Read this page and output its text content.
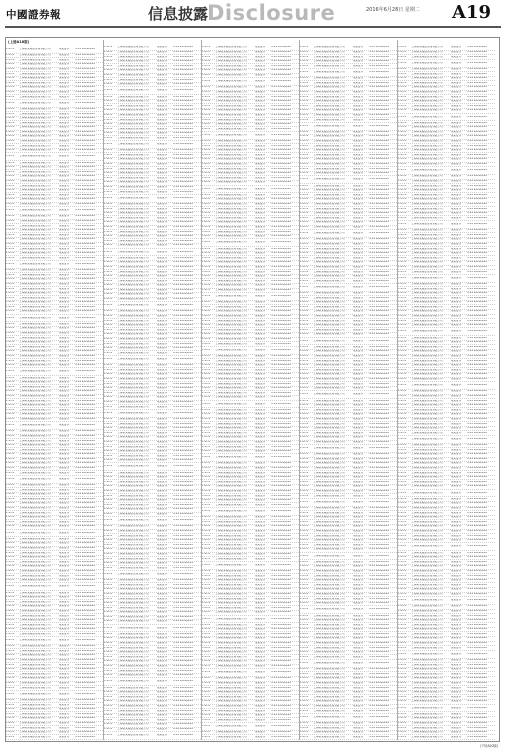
中國證券報	信息披露
Disclosure	2016年6月28日 星期二 A19
(上接A18版)
1.21.2	上海某某基金管理有限公司	某某证券	0.01 2016/6/28
1.21.2	上海某某基金管理有限公司	某某证券	0.01 2016/6/28
1.21.2	上海某某基金管理有限公司	某某证券	0.01 2016/6/28
1.21.2	上海某某基金管理有限公司	某某证券	0.01 2016/6/28
1.21.2	上海某某基金管理有限公司	某某证券	0.01 2016/6/28
1.21.2	上海某某基金管理有限公司	某某证券	0.01 2016/6/28
1.21.2	上海某某基金管理有限公司	某某证券	0.01 2016/6/28
1.21.2	上海某某基金管理有限公司	某某证券	0.01 2016/6/28
1.21.2	上海某某基金管理有限公司	某某证券	0.01 2016/6/28
1.21.2	上海某某基金管理有限公司	某某证券	0.01 2016/6/28
1.21.2	上海某某基金管理有限公司	某某证券	0.01 2016/6/28
1.21.2	上海某某基金管理有限公司	某某证券	0.01 2016/6/28
1.21.2	上海某某基金管理有限公司	某某证券	0.01 2016/6/28
1.21.2	上海某某基金管理有限公司	某某证券	0.01 2016/6/28
1.21.2	上海某某基金管理有限公司	某某证券	0.01 2016/6/28
1.21.2	上海某某基金管理有限公司	某某证券	0.01 2016/6/28
1.21.2	上海某某基金管理有限公司	某某证券	0.01 2016/6/28
1.21.2	上海某某基金管理有限公司	某某证券	0.01 2016/6/28
1.21.2	上海某某基金管理有限公司	某某证券	0.01 2016/6/28
1.21.2	上海某某基金管理有限公司	某某证券	0.01 2016/6/28
1.21.2	上海某某基金管理有限公司	某某证券	0.01 2016/6/28
1.21.2	上海某某基金管理有限公司	某某证券	0.01 2016/6/28
1.21.2	上海某某基金管理有限公司	某某证券	0.01 2016/6/28
1.21.2	上海某某基金管理有限公司	某某证券	0.01 2016/6/28
1.21.2	上海某某基金管理有限公司	某某证券	0.01 2016/6/28
1.21.2	上海某某基金管理有限公司	某某证券	0.01 2016/6/28
1.21.2	上海某某基金管理有限公司	某某证券	0.01 2016/6/28
1.21.2	上海某某基金管理有限公司	某某证券	0.01 2016/6/28
1.21.2	上海某某基金管理有限公司	某某证券	0.01 2016/6/28
1.21.2	上海某某基金管理有限公司	某某证券	0.01 2016/6/28
1.21.2	上海某某基金管理有限公司	某某证券	0.01 2016/6/28
1.21.2	上海某某基金管理有限公司	某某证券	0.01 2016/6/28
1.21.2	上海某某基金管理有限公司	某某证券	0.01 2016/6/28
1.21.2	上海某某基金管理有限公司	某某证券	0.01 2016/6/28
1.21.2	上海某某基金管理有限公司	某某证券	0.01 2016/6/28
1.21.2	上海某某基金管理有限公司	某某证券	0.01 2016/6/28
1.21.2	上海某某基金管理有限公司	某某证券	0.01 2016/6/28
1.21.2	上海某某基金管理有限公司	某某证券	0.01 2016/6/28
1.21.2	上海某某基金管理有限公司	某某证券	0.01 2016/6/28
1.21.2	上海某某基金管理有限公司	某某证券	0.01 2016/6/28
1.21.2	上海某某基金管理有限公司	某某证券	0.01 2016/6/28
1.21.2	上海某某基金管理有限公司	某某证券	0.01 2016/6/28
1.21.2	上海某某基金管理有限公司	某某证券	0.01 2016/6/28
1.21.2	上海某某基金管理有限公司	某某证券	0.01 2016/6/28
1.21.2	上海某某基金管理有限公司	某某证券	0.01 2016/6/28
1.21.2	上海某某基金管理有限公司	某某证券	0.01 2016/6/28
1.21.2	上海某某基金管理有限公司	某某证券	0.01 2016/6/28
1.21.2	上海某某基金管理有限公司	某某证券	0.01 2016/6/28
1.21.2	上海某某基金管理有限公司	某某证券	0.01 2016/6/28
1.21.2	上海某某基金管理有限公司	某某证券	0.01 2016/6/28
1.21.2	上海某某基金管理有限公司	某某证券	0.01 2016/6/28
1.21.2	上海某某基金管理有限公司	某某证券	0.01 2016/6/28
1.21.2	上海某某基金管理有限公司	某某证券	0.01 2016/6/28
1.21.2	上海某某基金管理有限公司	某某证券	0.01 2016/6/28
1.21.2	上海某某基金管理有限公司	某某证券	0.01 2016/6/28
1.21.2	上海某某基金管理有限公司	某某证券	0.01 2016/6/28
1.21.2	上海某某基金管理有限公司	某某证券	0.01 2016/6/28
1.21.2	上海某某基金管理有限公司	某某证券	0.01 2016/6/28
1.21.2	上海某某基金管理有限公司	某某证券	0.01 2016/6/28
1.21.2	上海某某基金管理有限公司	某某证券	0.01 2016/6/28
1.21.2	上海某某基金管理有限公司	某某证券	0.01 2016/6/28
1.21.2	上海某某基金管理有限公司	某某证券	0.01 2016/6/28
1.21.2	上海某某基金管理有限公司	某某证券	0.01 2016/6/28
1.21.2	上海某某基金管理有限公司	某某证券	0.01 2016/6/28
1.21.2	上海某某基金管理有限公司	某某证券	0.01 2016/6/28
1.21.2	上海某某基金管理有限公司	某某证券	0.01 2016/6/28
1.21.2	上海某某基金管理有限公司	某某证券	0.01 2016/6/28
1.21.2	上海某某基金管理有限公司	某某证券	0.01 2016/6/28
1.21.2	上海某某基金管理有限公司	某某证券	0.01 2016/6/28
1.21.2	上海某某基金管理有限公司	某某证券	0.01 2016/6/28
1.21.2	上海某某基金管理有限公司	某某证券	0.01 2016/6/28
1.21.2	上海某某基金管理有限公司	某某证券	0.01 2016/6/28
1.21.2	上海某某基金管理有限公司	某某证券	0.01 2016/6/28
1.21.2	上海某某基金管理有限公司	某某证券	0.01 2016/6/28
1.21.2	上海某某基金管理有限公司	某某证券	0.01 2016/6/28
1.21.2	上海某某基金管理有限公司	某某证券	0.01 2016/6/28
1.21.2	上海某某基金管理有限公司	某某证券	0.01 2016/6/28
1.21.2	上海某某基金管理有限公司	某某证券	0.01 2016/6/28
1.21.2	上海某某基金管理有限公司	某某证券	0.01 2016/6/28
1.21.2	上海某某基金管理有限公司	某某证券	0.01 2016/6/28
1.21.2	上海某某基金管理有限公司	某某证券	0.01 2016/6/28
1.21.2	上海某某基金管理有限公司	某某证券	0.01 2016/6/28
1.21.2	上海某某基金管理有限公司	某某证券	0.01 2016/6/28
1.21.2	上海某某基金管理有限公司	某某证券	0.01 2016/6/28
1.21.2	上海某某基金管理有限公司	某某证券	0.01 2016/6/28
1.21.2	上海某某基金管理有限公司	某某证券	0.01 2016/6/28
1.21.2	上海某某基金管理有限公司	某某证券	0.01 2016/6/28
1.21.2	上海某某基金管理有限公司	某某证券	0.01 2016/6/28
1.21.2	上海某某基金管理有限公司	某某证券	0.01 2016/6/28
1.21.2	上海某某基金管理有限公司	某某证券	0.01 2016/6/28
1.21.2	上海某某基金管理有限公司	某某证券	0.01 2016/6/28
1.21.2	上海某某基金管理有限公司	某某证券	0.01 2016/6/28
1.21.2	上海某某基金管理有限公司	某某证券	0.01 2016/6/28
1.21.2	上海某某基金管理有限公司	某某证券	0.01 2016/6/28
1.21.2	上海某某基金管理有限公司	某某证券	0.01 2016/6/28
1.21.2	上海某某基金管理有限公司	某某证券	0.01 2016/6/28
1.21.2	上海某某基金管理有限公司	某某证券	0.01 2016/6/28
1.21.2	上海某某基金管理有限公司	某某证券	0.01 2016/6/28
1.21.2	上海某某基金管理有限公司	某某证券	0.01 2016/6/28
1.21.2	上海某某基金管理有限公司	某某证券	0.01 2016/6/28
1.21.2	上海某某基金管理有限公司	某某证券	0.01 2016/6/28
1.21.2	上海某某基金管理有限公司	某某证券	0.01 2016/6/28
1.21.2	上海某某基金管理有限公司	某某证券	0.01 2016/6/28
1.21.2	上海某某基金管理有限公司	某某证券	0.01 2016/6/28
1.21.2	上海某某基金管理有限公司	某某证券	0.01 2016/6/28
1.21.2	上海某某基金管理有限公司	某某证券	0.01 2016/6/28
1.21.2	上海某某基金管理有限公司	某某证券	0.01 2016/6/28
1.21.2	上海某某基金管理有限公司	某某证券	0.01 2016/6/28
1.21.2	上海某某基金管理有限公司	某某证券	0.01 2016/6/28
1.21.2	上海某某基金管理有限公司	某某证券	0.01 2016/6/28
1.21.2	上海某某基金管理有限公司	某某证券	0.01 2016/6/28
1.21.2	上海某某基金管理有限公司	某某证券	0.01 2016/6/28
1.21.2	上海某某基金管理有限公司	某某证券	0.01 2016/6/28
1.21.2	上海某某基金管理有限公司	某某证券	0.01 2016/6/28
1.21.2	上海某某基金管理有限公司	某某证券	0.01 2016/6/28
1.21.2	上海某某基金管理有限公司	某某证券	0.01 2016/6/28
1.21.2	上海某某基金管理有限公司	某某证券	0.01 2016/6/28
1.21.2	上海某某基金管理有限公司	某某证券	0.01 2016/6/28
1.21.2	上海某某基金管理有限公司	某某证券	0.01 2016/6/28
1.21.2	上海某某基金管理有限公司	某某证券	0.01 2016/6/28
1.21.2	上海某某基金管理有限公司	某某证券	0.01 2016/6/28
1.21.2	上海某某基金管理有限公司	某某证券	0.01 2016/6/28
1.21.2	上海某某基金管理有限公司	某某证券	0.01 2016/6/28
1.21.2	上海某某基金管理有限公司	某某证券	0.01 2016/6/28
1.21.2	上海某某基金管理有限公司	某某证券	0.01 2016/6/28
1.21.2	上海某某基金管理有限公司	某某证券	0.01 2016/6/28
1.21.2	上海某某基金管理有限公司	某某证券	0.01 2016/6/28
1.21.2	上海某某基金管理有限公司	某某证券	0.01 2016/6/28
1.21.2	上海某某基金管理有限公司	某某证券	0.01 2016/6/28
1.21.2	上海某某基金管理有限公司	某某证券	0.01 2016/6/28
1.21.2	上海某某基金管理有限公司	某某证券	0.01 2016/6/28
1.21.2	上海某某基金管理有限公司	某某证券	0.01 2016/6/28
1.21.2	上海某某基金管理有限公司	某某证券	0.01 2016/6/28
1.21.2	上海某某基金管理有限公司	某某证券	0.01 2016/6/28
1.21.2	上海某某基金管理有限公司	某某证券	0.01 2016/6/28
1.21.2	上海某某基金管理有限公司	某某证券	0.01 2016/6/28
1.21.2	上海某某基金管理有限公司	某某证券	0.01 2016/6/28
1.21.2	上海某某基金管理有限公司	某某证券	0.01 2016/6/28
1.21.2	上海某某基金管理有限公司	某某证券	0.01 2016/6/28
1.21.2	上海某某基金管理有限公司	某某证券	0.01 2016/6/28
1.21.2	上海某某基金管理有限公司	某某证券	0.01 2016/6/28
1.21.2	上海某某基金管理有限公司	某某证券	0.01 2016/6/28
1.21.2	上海某某基金管理有限公司	某某证券	0.01 2016/6/28
1.21.2	上海某某基金管理有限公司	某某证券	0.01 2016/6/28
1.21.2	上海某某基金管理有限公司	某某证券	0.01 2016/6/28
1.21.2	上海某某基金管理有限公司	某某证券	0.01 2016/6/28
1.21.2	上海某某基金管理有限公司	某某证券	0.01 2016/6/28
1.21.2	上海某某基金管理有限公司	某某证券	0.01 2016/6/28
1.21.2	上海某某基金管理有限公司	某某证券	0.01 2016/6/28
1.21.2	上海某某基金管理有限公司	某某证券	0.01 2016/6/28
1.21.2	上海某某基金管理有限公司	某某证券	0.01 2016/6/28
1.21.2	上海某某基金管理有限公司	某某证券	0.01 2016/6/28
1.21.2	上海某某基金管理有限公司	某某证券	0.01 2016/6/28
1.21.2	上海某某基金管理有限公司	某某证券	0.01 2016/6/28
1.21.2	上海某某基金管理有限公司	某某证券	0.01 2016/6/28
1.21.2	上海某某基金管理有限公司	某某证券	0.01 2016/6/28
1.21.2	上海某某基金管理有限公司	某某证券	0.01 2016/6/28
1.21.2	上海某某基金管理有限公司	某某证券	0.01 2016/6/28
1.21.2	上海某某基金管理有限公司	某某证券	0.01 2016/6/28
1.21.2	上海某某基金管理有限公司	某某证券	0.01 2016/6/28
1.21.2	上海某某基金管理有限公司	某某证券	0.01 2016/6/28
1.21.2	上海某某基金管理有限公司	某某证券	0.01 2016/6/28
1.21.2	上海某某基金管理有限公司	某某证券	0.01 2016/6/28
1.21.2	上海某某基金管理有限公司	某某证券	0.01 2016/6/28
1.21.2	上海某某基金管理有限公司	某某证券	0.01 2016/6/28
1.21.2	上海某某基金管理有限公司	某某证券	0.01 2016/6/28
1.21.2	上海某某基金管理有限公司	某某证券	0.01 2016/6/28
1.21.2	上海某某基金管理有限公司	某某证券	0.01 2016/6/28
1.21.2	上海某某基金管理有限公司	某某证券	0.01 2016/6/28
1.21.2	上海某某基金管理有限公司	某某证券	0.01 2016/6/28
1.21.2	上海某某基金管理有限公司	某某证券	0.01 2016/6/28
1.21.2	上海某某基金管理有限公司	某某证券	0.01 2016/6/28
1.21.2	上海某某基金管理有限公司	某某证券	0.01 2016/6/28
1.21.2	上海某某基金管理有限公司	某某证券	0.01 2016/6/28
1.21.2	上海某某基金管理有限公司	某某证券	0.01 2016/6/28
1.21.2	上海某某基金管理有限公司	某某证券	0.01 2016/6/28
1.21.2	上海某某基金管理有限公司	某某证券	0.01 2016/6/28
1.21.2	上海某某基金管理有限公司	某某证券	0.01 2016/6/28
1.21.2	上海某某基金管理有限公司	某某证券	0.01 2016/6/28
1.21.2	上海某某基金管理有限公司	某某证券	0.01 2016/6/28
1.21.2	上海某某基金管理有限公司	某某证券	0.01 2016/6/28
1.21.2	上海某某基金管理有限公司	某某证券	0.01 2016/6/28
1.21.2	上海某某基金管理有限公司	某某证券	0.01 2016/6/28
1.21.2	上海某某基金管理有限公司	某某证券	0.01 2016/6/28
1.21.2	上海某某基金管理有限公司	某某证券	0.01 2016/6/28
1.21.2	上海某某基金管理有限公司	某某证券	0.01 2016/6/28
1.21.2	上海某某基金管理有限公司	某某证券	0.01 2016/6/28
1.21.2	上海某某基金管理有限公司	某某证券	0.01 2016/6/28
1.21.2	上海某某基金管理有限公司	某某证券	0.01 2016/6/28
1.21.2	上海某某基金管理有限公司	某某证券	0.01 2016/6/28
1.21.2	上海某某基金管理有限公司	某某证券	0.01 2016/6/28
1.21.2	上海某某基金管理有限公司	某某证券	0.01 2016/6/28
1.21.2	上海某某基金管理有限公司	某某证券	0.01 2016/6/28
1.21.2	上海某某基金管理有限公司	某某证券	0.01 2016/6/28
1.21.2	上海某某基金管理有限公司	某某证券	0.01 2016/6/28
1.21.2	上海某某基金管理有限公司	某某证券	0.01 2016/6/28
1.21.2	上海某某基金管理有限公司	某某证券	0.01 2016/6/28
1.21.2	上海某某基金管理有限公司	某某证券	0.01 2016/6/28
1.21.2	上海某某基金管理有限公司	某某证券	0.01 2016/6/28
1.21.2	上海某某基金管理有限公司	某某证券	0.01 2016/6/28
1.21.2	上海某某基金管理有限公司	某某证券	0.01 2016/6/28
1.21.2	上海某某基金管理有限公司	某某证券	0.01 2016/6/28
1.21.2	上海某某基金管理有限公司	某某证券	0.01 2016/6/28
1.21.2	上海某某基金管理有限公司	某某证券	0.01 2016/6/28
1.21.2	上海某某基金管理有限公司	某某证券	0.01 2016/6/28
1.21.2	上海某某基金管理有限公司	某某证券	0.01 2016/6/28
1.21.2	上海某某基金管理有限公司	某某证券	0.01 2016/6/28
1.21.2	上海某某基金管理有限公司	某某证券	0.01 2016/6/28
1.21.2	上海某某基金管理有限公司	某某证券	0.01 2016/6/28
1.21.2	上海某某基金管理有限公司	某某证券	0.01 2016/6/28
1.21.2	上海某某基金管理有限公司	某某证券	0.01 2016/6/28
1.21.2	上海某某基金管理有限公司	某某证券	0.01 2016/6/28
1.21.2	上海某某基金管理有限公司	某某证券	0.01 2016/6/28
1.21.2	上海某某基金管理有限公司	某某证券	0.01 2016/6/28
1.21.2	上海某某基金管理有限公司	某某证券	0.01 2016/6/28
1.21.2	上海某某基金管理有限公司	某某证券	0.01 2016/6/28
1.21.2	上海某某基金管理有限公司	某某证券	0.01 2016/6/28
1.21.2	上海某某基金管理有限公司	某某证券	0.01 2016/6/28
1.21.2	上海某某基金管理有限公司	某某证券	0.01 2016/6/28
1.21.2	上海某某基金管理有限公司	某某证券	0.01 2016/6/28
1.21.2	上海某某基金管理有限公司	某某证券	0.01 2016/6/28
1.21.2	上海某某基金管理有限公司	某某证券	0.01 2016/6/28
1.21.2	上海某某基金管理有限公司	某某证券	0.01 2016/6/28
1.21.2	上海某某基金管理有限公司	某某证券	0.01 2016/6/28
1.21.2	上海某某基金管理有限公司	某某证券	0.01 2016/6/28
1.21.2	上海某某基金管理有限公司	某某证券	0.01 2016/6/28
1.21.2	上海某某基金管理有限公司	某某证券	0.01 2016/6/28
1.21.2	上海某某基金管理有限公司	某某证券	0.01 2016/6/28
1.21.2	上海某某基金管理有限公司	某某证券	0.01 2016/6/28
1.21.2	上海某某基金管理有限公司	某某证券	0.01 2016/6/28
1.21.2	上海某某基金管理有限公司	某某证券	0.01 2016/6/28
1.21.2	上海某某基金管理有限公司	某某证券	0.01 2016/6/28
1.21.2	上海某某基金管理有限公司	某某证券	0.01 2016/6/28
1.21.2	上海某某基金管理有限公司	某某证券	0.01 2016/6/28
1.21.2	上海某某基金管理有限公司	某某证券	0.01 2016/6/28
1.21.2	上海某某基金管理有限公司	某某证券	0.01 2016/6/28
1.21.2	上海某某基金管理有限公司	某某证券	0.01 2016/6/28
1.21.2	上海某某基金管理有限公司	某某证券	0.01 2016/6/28
1.21.2	上海某某基金管理有限公司	某某证券	0.01 2016/6/28
1.21.2	上海某某基金管理有限公司	某某证券	0.01 2016/6/28
1.21.2	上海某某基金管理有限公司	某某证券	0.01 2016/6/28
1.21.2	上海某某基金管理有限公司	某某证券	0.01 2016/6/28
1.21.2	上海某某基金管理有限公司	某某证券	0.01 2016/6/28
1.21.2	上海某某基金管理有限公司	某某证券	0.01 2016/6/28
1.21.2	上海某某基金管理有限公司	某某证券	0.01 2016/6/28
1.21.2	上海某某基金管理有限公司	某某证券	0.01 2016/6/28
1.21.2	上海某某基金管理有限公司	某某证券	0.01 2016/6/28
1.21.2	上海某某基金管理有限公司	某某证券	0.01 2016/6/28
1.21.2	上海某某基金管理有限公司	某某证券	0.01 2016/6/28
1.21.2	上海某某基金管理有限公司	某某证券	0.01 2016/6/28
1.21.2	上海某某基金管理有限公司	某某证券	0.01 2016/6/28
1.21.2	上海某某基金管理有限公司	某某证券	0.01 2016/6/28
1.21.2	上海某某基金管理有限公司	某某证券	0.01 2016/6/28
1.21.2	上海某某基金管理有限公司	某某证券	0.01 2016/6/28
1.21.2	上海某某基金管理有限公司	某某证券	0.01 2016/6/28
1.21.2	上海某某基金管理有限公司	某某证券	0.01 2016/6/28
1.21.2	上海某某基金管理有限公司	某某证券	0.01 2016/6/28
1.21.2	上海某某基金管理有限公司	某某证券	0.01 2016/6/28
1.21.2	上海某某基金管理有限公司	某某证券	0.01 2016/6/28
1.21.2	上海某某基金管理有限公司	某某证券	0.01 2016/6/28
1.21.2	上海某某基金管理有限公司	某某证券	0.01 2016/6/28
1.21.2	上海某某基金管理有限公司	某某证券	0.01 2016/6/28
1.21.2	上海某某基金管理有限公司	某某证券	0.01 2016/6/28
1.21.2	上海某某基金管理有限公司	某某证券	0.01 2016/6/28
1.21.2	上海某某基金管理有限公司	某某证券	0.01 2016/6/28
1.21.2	上海某某基金管理有限公司	某某证券	0.01 2016/6/28
1.21.2	上海某某基金管理有限公司	某某证券	0.01 2016/6/28
1.21.2	上海某某基金管理有限公司	某某证券	0.01 2016/6/28
1.21.2	上海某某基金管理有限公司	某某证券	0.01 2016/6/28
1.21.2	上海某某基金管理有限公司	某某证券	0.01 2016/6/28
1.21.2	上海某某基金管理有限公司	某某证券	0.01 2016/6/28
1.21.2	上海某某基金管理有限公司	某某证券	0.01 2016/6/28
1.21.2	上海某某基金管理有限公司	某某证券	0.01 2016/6/28
1.21.2	上海某某基金管理有限公司	某某证券	0.01 2016/6/28
1.21.2	上海某某基金管理有限公司	某某证券	0.01 2016/6/28
1.21.2	上海某某基金管理有限公司	某某证券	0.01 2016/6/28
1.21.2	上海某某基金管理有限公司	某某证券	0.01 2016/6/28
1.21.2	上海某某基金管理有限公司	某某证券	0.01 2016/6/28
1.21.2	上海某某基金管理有限公司	某某证券	0.01 2016/6/28
1.21.2	上海某某基金管理有限公司	某某证券	0.01 2016/6/28
1.21.2	上海某某基金管理有限公司	某某证券	0.01 2016/6/28
1.21.2	上海某某基金管理有限公司	某某证券	0.01 2016/6/28
1.21.2	上海某某基金管理有限公司	某某证券	0.01 2016/6/28
1.21.2	上海某某基金管理有限公司	某某证券	0.01 2016/6/28
1.21.2	上海某某基金管理有限公司	某某证券	0.01 2016/6/28
1.21.2	上海某某基金管理有限公司	某某证券	0.01 2016/6/28
1.21.2	上海某某基金管理有限公司	某某证券	0.01 2016/6/28
1.21.2	上海某某基金管理有限公司	某某证券	0.01 2016/6/28
1.21.2	上海某某基金管理有限公司	某某证券	0.01 2016/6/28
1.21.2	上海某某基金管理有限公司	某某证券	0.01 2016/6/28
1.21.2	上海某某基金管理有限公司	某某证券	0.01 2016/6/28
1.21.2	上海某某基金管理有限公司	某某证券	0.01 2016/6/28
1.21.2	上海某某基金管理有限公司	某某证券	0.01 2016/6/28
1.21.2	上海某某基金管理有限公司	某某证券	0.01 2016/6/28
1.21.2	上海某某基金管理有限公司	某某证券	0.01 2016/6/28
1.21.2	上海某某基金管理有限公司	某某证券	0.01 2016/6/28
1.21.2	上海某某基金管理有限公司	某某证券	0.01 2016/6/28
1.21.2	上海某某基金管理有限公司	某某证券	0.01 2016/6/28
1.21.2	上海某某基金管理有限公司	某某证券	0.01 2016/6/28
1.21.2	上海某某基金管理有限公司	某某证券	0.01 2016/6/28
1.21.2	上海某某基金管理有限公司	某某证券	0.01 2016/6/28
1.21.2	上海某某基金管理有限公司	某某证券	0.01 2016/6/28
1.21.2	上海某某基金管理有限公司	某某证券	0.01 2016/6/28
1.21.2	上海某某基金管理有限公司	某某证券	0.01 2016/6/28
1.21.2	上海某某基金管理有限公司	某某证券	0.01 2016/6/28
1.21.2	上海某某基金管理有限公司	某某证券	0.01 2016/6/28
1.21.2	上海某某基金管理有限公司	某某证券	0.01 2016/6/28
1.21.2	上海某某基金管理有限公司	某某证券	0.01 2016/6/28
1.21.2	上海某某基金管理有限公司	某某证券	0.01 2016/6/28
1.21.2	上海某某基金管理有限公司	某某证券	0.01 2016/6/28
1.21.2	上海某某基金管理有限公司	某某证券	0.01 2016/6/28
1.21.2	上海某某基金管理有限公司	某某证券	0.01 2016/6/28
1.21.2	上海某某基金管理有限公司	某某证券	0.01 2016/6/28
1.21.2	上海某某基金管理有限公司	某某证券	0.01 2016/6/28
1.21.2	上海某某基金管理有限公司	某某证券	0.01 2016/6/28
1.21.2	上海某某基金管理有限公司	某某证券	0.01 2016/6/28
1.21.2	上海某某基金管理有限公司	某某证券	0.01 2016/6/28
1.21.2	上海某某基金管理有限公司	某某证券	0.01 2016/6/28
1.21.2	上海某某基金管理有限公司	某某证券	0.01 2016/6/28
1.21.2	上海某某基金管理有限公司	某某证券	0.01 2016/6/28
1.21.2	上海某某基金管理有限公司	某某证券	0.01 2016/6/28
1.21.2	上海某某基金管理有限公司	某某证券	0.01 2016/6/28
1.21.2	上海某某基金管理有限公司	某某证券	0.01 2016/6/28
1.21.2	上海某某基金管理有限公司	某某证券	0.01 2016/6/28
1.21.2	上海某某基金管理有限公司	某某证券	0.01 2016/6/28
1.21.2	上海某某基金管理有限公司	某某证券	0.01 2016/6/28
1.21.2	上海某某基金管理有限公司	某某证券	0.01 2016/6/28
1.21.2	上海某某基金管理有限公司	某某证券	0.01 2016/6/28
1.21.2	上海某某基金管理有限公司	某某证券	0.01 2016/6/28
1.21.2	上海某某基金管理有限公司	某某证券	0.01 2016/6/28
1.21.2	上海某某基金管理有限公司	某某证券	0.01 2016/6/28
1.21.2	上海某某基金管理有限公司	某某证券	0.01 2016/6/28
1.21.2	上海某某基金管理有限公司	某某证券	0.01 2016/6/28
1.21.2	上海某某基金管理有限公司	某某证券	0.01 2016/6/28
1.21.2	上海某某基金管理有限公司	某某证券	0.01 2016/6/28
1.21.2	上海某某基金管理有限公司	某某证券	0.01 2016/6/28
1.21.2	上海某某基金管理有限公司	某某证券	0.01 2016/6/28
1.21.2	上海某某基金管理有限公司	某某证券	0.01 2016/6/28
1.21.2	上海某某基金管理有限公司	某某证券	0.01 2016/6/28
1.21.2	上海某某基金管理有限公司	某某证券	0.01 2016/6/28
1.21.2	上海某某基金管理有限公司	某某证券	0.01 2016/6/28
1.21.2	上海某某基金管理有限公司	某某证券	0.01 2016/6/28
1.21.2	上海某某基金管理有限公司	某某证券	0.01 2016/6/28
1.21.2	上海某某基金管理有限公司	某某证券	0.01 2016/6/28
1.21.2	上海某某基金管理有限公司	某某证券	0.01 2016/6/28
1.21.2	上海某某基金管理有限公司	某某证券	0.01 2016/6/28
1.21.2	上海某某基金管理有限公司	某某证券	0.01 2016/6/28
1.21.2	上海某某基金管理有限公司	某某证券	0.01 2016/6/28
1.21.2	上海某某基金管理有限公司	某某证券	0.01 2016/6/28
1.21.2	上海某某基金管理有限公司	某某证券	0.01 2016/6/28
1.21.2	上海某某基金管理有限公司	某某证券	0.01 2016/6/28
1.21.2	上海某某基金管理有限公司	某某证券	0.01 2016/6/28
1.21.2	上海某某基金管理有限公司	某某证券	0.01 2016/6/28
1.21.2	上海某某基金管理有限公司	某某证券	0.01 2016/6/28
1.21.2	上海某某基金管理有限公司	某某证券	0.01 2016/6/28
1.21.2	上海某某基金管理有限公司	某某证券	0.01 2016/6/28
1.21.2	上海某某基金管理有限公司	某某证券	0.01 2016/6/28
1.21.2	上海某某基金管理有限公司	某某证券	0.01 2016/6/28
1.21.2	上海某某基金管理有限公司	某某证券	0.01 2016/6/28
1.21.2	上海某某基金管理有限公司	某某证券	0.01 2016/6/28
1.21.2	上海某某基金管理有限公司	某某证券	0.01 2016/6/28
1.21.2	上海某某基金管理有限公司	某某证券	0.01 2016/6/28
1.21.2	上海某某基金管理有限公司	某某证券	0.01 2016/6/28
1.21.2	上海某某基金管理有限公司	某某证券	0.01 2016/6/28
1.21.2	上海某某基金管理有限公司	某某证券	0.01 2016/6/28
1.21.2	上海某某基金管理有限公司	某某证券	0.01 2016/6/28
1.21.2	上海某某基金管理有限公司	某某证券	0.01 2016/6/28
1.21.2	上海某某基金管理有限公司	某某证券	0.01 2016/6/28
1.21.2	上海某某基金管理有限公司	某某证券	0.01 2016/6/28
1.21.2	上海某某基金管理有限公司	某某证券	0.01 2016/6/28
1.21.2	上海某某基金管理有限公司	某某证券	0.01 2016/6/28
1.21.2	上海某某基金管理有限公司	某某证券	0.01 2016/6/28
1.21.2	上海某某基金管理有限公司	某某证券	0.01 2016/6/28
1.21.2	上海某某基金管理有限公司	某某证券	0.01 2016/6/28
1.21.2	上海某某基金管理有限公司	某某证券	0.01 2016/6/28
1.21.2	上海某某基金管理有限公司	某某证券	0.01 2016/6/28
1.21.2	上海某某基金管理有限公司	某某证券	0.01 2016/6/28
1.21.2	上海某某基金管理有限公司	某某证券	0.01 2016/6/28
1.21.2	上海某某基金管理有限公司	某某证券	0.01 2016/6/28
1.21.2	上海某某基金管理有限公司	某某证券	0.01 2016/6/28
1.21.2	上海某某基金管理有限公司	某某证券	0.01 2016/6/28
1.21.2	上海某某基金管理有限公司	某某证券	0.01 2016/6/28
1.21.2	上海某某基金管理有限公司	某某证券	0.01 2016/6/28
1.21.2	上海某某基金管理有限公司	某某证券	0.01 2016/6/28
1.21.2	上海某某基金管理有限公司	某某证券	0.01 2016/6/28
1.21.2	上海某某基金管理有限公司	某某证券	0.01 2016/6/28
1.21.2	上海某某基金管理有限公司	某某证券	0.01 2016/6/28
1.21.2	上海某某基金管理有限公司	某某证券	0.01 2016/6/28
1.21.2	上海某某基金管理有限公司	某某证券	0.01 2016/6/28
1.21.2	上海某某基金管理有限公司	某某证券	0.01 2016/6/28
1.21.2	上海某某基金管理有限公司	某某证券	0.01 2016/6/28
1.21.2	上海某某基金管理有限公司	某某证券	0.01 2016/6/28
1.21.2	上海某某基金管理有限公司	某某证券	0.01 2016/6/28
1.21.2	上海某某基金管理有限公司	某某证券	0.01 2016/6/28
1.21.2	上海某某基金管理有限公司	某某证券	0.01 2016/6/28
1.21.2	上海某某基金管理有限公司	某某证券	0.01 2016/6/28
1.21.2	上海某某基金管理有限公司	某某证券	0.01 2016/6/28
1.21.2	上海某某基金管理有限公司	某某证券	0.01 2016/6/28
1.21.2	上海某某基金管理有限公司	某某证券	0.01 2016/6/28
1.21.2	上海某某基金管理有限公司	某某证券	0.01 2016/6/28
1.21.2	上海某某基金管理有限公司	某某证券	0.01 2016/6/28
1.21.2	上海某某基金管理有限公司	某某证券	0.01 2016/6/28
1.21.2	上海某某基金管理有限公司	某某证券	0.01 2016/6/28
1.21.2	上海某某基金管理有限公司	某某证券	0.01 2016/6/28
1.21.2	上海某某基金管理有限公司	某某证券	0.01 2016/6/28
1.21.2	上海某某基金管理有限公司	某某证券	0.01 2016/6/28
1.21.2	上海某某基金管理有限公司	某某证券	0.01 2016/6/28
1.21.2	上海某某基金管理有限公司	某某证券	0.01 2016/6/28
1.21.2	上海某某基金管理有限公司	某某证券	0.01 2016/6/28
1.21.2	上海某某基金管理有限公司	某某证券	0.01 2016/6/28
1.21.2	上海某某基金管理有限公司	某某证券	0.01 2016/6/28
1.21.2	上海某某基金管理有限公司	某某证券	0.01 2016/6/28
1.21.2	上海某某基金管理有限公司	某某证券	0.01 2016/6/28
1.21.2	上海某某基金管理有限公司	某某证券	0.01 2016/6/28
1.21.2	上海某某基金管理有限公司	某某证券	0.01 2016/6/28
1.21.2	上海某某基金管理有限公司	某某证券	0.01 2016/6/28
1.21.2	上海某某基金管理有限公司	某某证券	0.01 2016/6/28
1.21.2	上海某某基金管理有限公司	某某证券	0.01 2016/6/28
1.21.2	上海某某基金管理有限公司	某某证券	0.01 2016/6/28
1.21.2	上海某某基金管理有限公司	某某证券	0.01 2016/6/28
1.21.2	上海某某基金管理有限公司	某某证券	0.01 2016/6/28
1.21.2	上海某某基金管理有限公司	某某证券	0.01 2016/6/28
1.21.2	上海某某基金管理有限公司	某某证券	0.01 2016/6/28
1.21.2	上海某某基金管理有限公司	某某证券	0.01 2016/6/28
1.21.2	上海某某基金管理有限公司	某某证券	0.01 2016/6/28
1.21.2	上海某某基金管理有限公司	某某证券	0.01 2016/6/28
1.21.2	上海某某基金管理有限公司	某某证券	0.01 2016/6/28
1.21.2	上海某某基金管理有限公司	某某证券	0.01 2016/6/28
1.21.2	上海某某基金管理有限公司	某某证券	0.01 2016/6/28
1.21.2	上海某某基金管理有限公司	某某证券	0.01 2016/6/28
1.21.2	上海某某基金管理有限公司	某某证券	0.01 2016/6/28
1.21.2	上海某某基金管理有限公司	某某证券	0.01 2016/6/28
1.21.2	上海某某基金管理有限公司	某某证券	0.01 2016/6/28
1.21.2	上海某某基金管理有限公司	某某证券	0.01 2016/6/28
1.21.2	上海某某基金管理有限公司	某某证券	0.01 2016/6/28
1.21.2	上海某某基金管理有限公司	某某证券	0.01 2016/6/28
1.21.2	上海某某基金管理有限公司	某某证券	0.01 2016/6/28
1.21.2	上海某某基金管理有限公司	某某证券	0.01 2016/6/28
1.21.2	上海某某基金管理有限公司	某某证券	0.01 2016/6/28
1.21.2	上海某某基金管理有限公司	某某证券	0.01 2016/6/28
1.21.2	上海某某基金管理有限公司	某某证券	0.01 2016/6/28
1.21.2	上海某某基金管理有限公司	某某证券	0.01 2016/6/28
1.21.2	上海某某基金管理有限公司	某某证券	0.01 2016/6/28
1.21.2	上海某某基金管理有限公司	某某证券	0.01 2016/6/28
1.21.2	上海某某基金管理有限公司	某某证券	0.01 2016/6/28
1.21.2	上海某某基金管理有限公司	某某证券	0.01 2016/6/28
1.21.2	上海某某基金管理有限公司	某某证券	0.01 2016/6/28
1.21.2	上海某某基金管理有限公司	某某证券	0.01 2016/6/28
1.21.2	上海某某基金管理有限公司	某某证券	0.01 2016/6/28
1.21.2	上海某某基金管理有限公司	某某证券	0.01 2016/6/28
1.21.2	上海某某基金管理有限公司	某某证券	0.01 2016/6/28
1.21.2	上海某某基金管理有限公司	某某证券	0.01 2016/6/28
1.21.2	上海某某基金管理有限公司	某某证券	0.01 2016/6/28
1.21.2	上海某某基金管理有限公司	某某证券	0.01 2016/6/28
1.21.2	上海某某基金管理有限公司	某某证券	0.01 2016/6/28
1.21.2	上海某某基金管理有限公司	某某证券	0.01 2016/6/28
1.21.2	上海某某基金管理有限公司	某某证券	0.01 2016/6/28
1.21.2	上海某某基金管理有限公司	某某证券	0.01 2016/6/28
1.21.2	上海某某基金管理有限公司	某某证券	0.01 2016/6/28
1.21.2	上海某某基金管理有限公司	某某证券	0.01 2016/6/28
1.21.2	上海某某基金管理有限公司	某某证券	0.01 2016/6/28
1.21.2	上海某某基金管理有限公司	某某证券	0.01 2016/6/28
1.21.2	上海某某基金管理有限公司	某某证券	0.01 2016/6/28
1.21.2	上海某某基金管理有限公司	某某证券	0.01 2016/6/28
1.21.2	上海某某基金管理有限公司	某某证券	0.01 2016/6/28
1.21.2	上海某某基金管理有限公司	某某证券	0.01 2016/6/28
1.21.2	上海某某基金管理有限公司	某某证券	0.01 2016/6/28
1.21.2	上海某某基金管理有限公司	某某证券	0.01 2016/6/28
1.21.2	上海某某基金管理有限公司	某某证券	0.01 2016/6/28
1.21.2	上海某某基金管理有限公司	某某证券	0.01 2016/6/28
1.21.2	上海某某基金管理有限公司	某某证券	0.01 2016/6/28
1.21.2	上海某某基金管理有限公司	某某证券	0.01 2016/6/28
1.21.2	上海某某基金管理有限公司	某某证券	0.01 2016/6/28
1.21.2	上海某某基金管理有限公司	某某证券	0.01 2016/6/28
1.21.2	上海某某基金管理有限公司	某某证券	0.01 2016/6/28
1.21.2	上海某某基金管理有限公司	某某证券	0.01 2016/6/28
1.21.2	上海某某基金管理有限公司	某某证券	0.01 2016/6/28
1.21.2	上海某某基金管理有限公司	某某证券	0.01 2016/6/28
1.21.2	上海某某基金管理有限公司	某某证券	0.01 2016/6/28
1.21.2	上海某某基金管理有限公司	某某证券	0.01 2016/6/28
1.21.2	上海某某基金管理有限公司	某某证券	0.01 2016/6/28
1.21.2	上海某某基金管理有限公司	某某证券	0.01 2016/6/28
1.21.2	上海某某基金管理有限公司	某某证券	0.01 2016/6/28
1.21.2	上海某某基金管理有限公司	某某证券	0.01 2016/6/28
1.21.2	上海某某基金管理有限公司	某某证券	0.01 2016/6/28
1.21.2	上海某某基金管理有限公司	某某证券	0.01 2016/6/28
1.21.2	上海某某基金管理有限公司	某某证券	0.01 2016/6/28
1.21.2	上海某某基金管理有限公司	某某证券	0.01 2016/6/28
1.21.2	上海某某基金管理有限公司	某某证券	0.01 2016/6/28
1.21.2	上海某某基金管理有限公司	某某证券	0.01 2016/6/28
1.21.2	上海某某基金管理有限公司	某某证券	0.01 2016/6/28
1.21.2	上海某某基金管理有限公司	某某证券	0.01 2016/6/28
1.21.2	上海某某基金管理有限公司	某某证券	0.01 2016/6/28
1.21.2	上海某某基金管理有限公司	某某证券	0.01 2016/6/28
1.21.2	上海某某基金管理有限公司	某某证券	0.01 2016/6/28
1.21.2	上海某某基金管理有限公司	某某证券	0.01 2016/6/28
1.21.2	上海某某基金管理有限公司	某某证券	0.01 2016/6/28
1.21.2	上海某某基金管理有限公司	某某证券	0.01 2016/6/28
1.21.2	上海某某基金管理有限公司	某某证券	0.01 2016/6/28
1.21.2	上海某某基金管理有限公司	某某证券	0.01 2016/6/28
1.21.2	上海某某基金管理有限公司	某某证券	0.01 2016/6/28
1.21.2	上海某某基金管理有限公司	某某证券	0.01 2016/6/28
1.21.2	上海某某基金管理有限公司	某某证券	0.01 2016/6/28
1.21.2	上海某某基金管理有限公司	某某证券	0.01 2016/6/28
1.21.2	上海某某基金管理有限公司	某某证券	0.01 2016/6/28
1.21.2	上海某某基金管理有限公司	某某证券	0.01 2016/6/28
1.21.2	上海某某基金管理有限公司	某某证券	0.01 2016/6/28
1.21.2	上海某某基金管理有限公司	某某证券	0.01 2016/6/28
1.21.2	上海某某基金管理有限公司	某某证券	0.01 2016/6/28
1.21.2	上海某某基金管理有限公司	某某证券	0.01 2016/6/28
1.21.2	上海某某基金管理有限公司	某某证券	0.01 2016/6/28
1.21.2	上海某某基金管理有限公司	某某证券	0.01 2016/6/28
1.21.2	上海某某基金管理有限公司	某某证券	0.01 2016/6/28
1.21.2	上海某某基金管理有限公司	某某证券	0.01 2016/6/28
1.21.2	上海某某基金管理有限公司	某某证券	0.01 2016/6/28
1.21.2	上海某某基金管理有限公司	某某证券	0.01 2016/6/28
1.21.2	上海某某基金管理有限公司	某某证券	0.01 2016/6/28
1.21.2	上海某某基金管理有限公司	某某证券	0.01 2016/6/28
1.21.2	上海某某基金管理有限公司	某某证券	0.01 2016/6/28
1.21.2	上海某某基金管理有限公司	某某证券	0.01 2016/6/28
1.21.2	上海某某基金管理有限公司	某某证券	0.01 2016/6/28
1.21.2	上海某某基金管理有限公司	某某证券	0.01 2016/6/28
1.21.2	上海某某基金管理有限公司	某某证券	0.01 2016/6/28
1.21.2	上海某某基金管理有限公司	某某证券	0.01 2016/6/28
1.21.2	上海某某基金管理有限公司	某某证券	0.01 2016/6/28
1.21.2	上海某某基金管理有限公司	某某证券	0.01 2016/6/28
1.21.2	上海某某基金管理有限公司	某某证券	0.01 2016/6/28
1.21.2	上海某某基金管理有限公司	某某证券	0.01 2016/6/28
1.21.2	上海某某基金管理有限公司	某某证券	0.01 2016/6/28
1.21.2	上海某某基金管理有限公司	某某证券	0.01 2016/6/28
1.21.2	上海某某基金管理有限公司	某某证券	0.01 2016/6/28
1.21.2	上海某某基金管理有限公司	某某证券	0.01 2016/6/28
1.21.2	上海某某基金管理有限公司	某某证券	0.01 2016/6/28
1.21.2	上海某某基金管理有限公司	某某证券	0.01 2016/6/28
1.21.2	上海某某基金管理有限公司	某某证券	0.01 2016/6/28
1.21.2	上海某某基金管理有限公司	某某证券	0.01 2016/6/28
1.21.2	上海某某基金管理有限公司	某某证券	0.01 2016/6/28
1.21.2	上海某某基金管理有限公司	某某证券	0.01 2016/6/28
1.21.2	上海某某基金管理有限公司	某某证券	0.01 2016/6/28
1.21.2	上海某某基金管理有限公司	某某证券	0.01 2016/6/28
1.21.2	上海某某基金管理有限公司	某某证券	0.01 2016/6/28
1.21.2	上海某某基金管理有限公司	某某证券	0.01 2016/6/28
1.21.2	上海某某基金管理有限公司	某某证券	0.01 2016/6/28
1.21.2	上海某某基金管理有限公司	某某证券	0.01 2016/6/28
1.21.2	上海某某基金管理有限公司	某某证券	0.01 2016/6/28
1.21.2	上海某某基金管理有限公司	某某证券	0.01 2016/6/28
1.21.2	上海某某基金管理有限公司	某某证券	0.01 2016/6/28
1.21.2	上海某某基金管理有限公司	某某证券	0.01 2016/6/28
1.21.2	上海某某基金管理有限公司	某某证券	0.01 2016/6/28
1.21.2	上海某某基金管理有限公司	某某证券	0.01 2016/6/28
1.21.2	上海某某基金管理有限公司	某某证券	0.01 2016/6/28
1.21.2	上海某某基金管理有限公司	某某证券	0.01 2016/6/28
1.21.2	上海某某基金管理有限公司	某某证券	0.01 2016/6/28
1.21.2	上海某某基金管理有限公司	某某证券	0.01 2016/6/28
1.21.2	上海某某基金管理有限公司	某某证券	0.01 2016/6/28
1.21.2	上海某某基金管理有限公司	某某证券	0.01 2016/6/28
1.21.2	上海某某基金管理有限公司	某某证券	0.01 2016/6/28
1.21.2	上海某某基金管理有限公司	某某证券	0.01 2016/6/28
1.21.2	上海某某基金管理有限公司	某某证券	0.01 2016/6/28
1.21.2	上海某某基金管理有限公司	某某证券	0.01 2016/6/28
1.21.2	上海某某基金管理有限公司	某某证券	0.01 2016/6/28
1.21.2	上海某某基金管理有限公司	某某证券	0.01 2016/6/28
1.21.2	上海某某基金管理有限公司	某某证券	0.01 2016/6/28
1.21.2	上海某某基金管理有限公司	某某证券	0.01 2016/6/28
1.21.2	上海某某基金管理有限公司	某某证券	0.01 2016/6/28
1.21.2	上海某某基金管理有限公司	某某证券	0.01 2016/6/28
1.21.2	上海某某基金管理有限公司	某某证券	0.01 2016/6/28
1.21.2	上海某某基金管理有限公司	某某证券	0.01 2016/6/28
1.21.2	上海某某基金管理有限公司	某某证券	0.01 2016/6/28
1.21.2	上海某某基金管理有限公司	某某证券	0.01 2016/6/28
1.21.2	上海某某基金管理有限公司	某某证券	0.01 2016/6/28
1.21.2	上海某某基金管理有限公司	某某证券	0.01 2016/6/28
1.21.2	上海某某基金管理有限公司	某某证券	0.01 2016/6/28
1.21.2	上海某某基金管理有限公司	某某证券	0.01 2016/6/28
1.21.2	上海某某基金管理有限公司	某某证券	0.01 2016/6/28
1.21.2	上海某某基金管理有限公司	某某证券	0.01 2016/6/28
1.21.2	上海某某基金管理有限公司	某某证券	0.01 2016/6/28
1.21.2	上海某某基金管理有限公司	某某证券	0.01 2016/6/28
1.21.2	上海某某基金管理有限公司	某某证券	0.01 2016/6/28
1.21.2	上海某某基金管理有限公司	某某证券	0.01 2016/6/28
1.21.2	上海某某基金管理有限公司	某某证券	0.01 2016/6/28
1.21.2	上海某某基金管理有限公司	某某证券	0.01 2016/6/28
1.21.2	上海某某基金管理有限公司	某某证券	0.01 2016/6/28
1.21.2	上海某某基金管理有限公司	某某证券	0.01 2016/6/28
1.21.2	上海某某基金管理有限公司	某某证券	0.01 2016/6/28
1.21.2	上海某某基金管理有限公司	某某证券	0.01 2016/6/28
1.21.2	上海某某基金管理有限公司	某某证券	0.01 2016/6/28
1.21.2	上海某某基金管理有限公司	某某证券	0.01 2016/6/28
1.21.2	上海某某基金管理有限公司	某某证券	0.01 2016/6/28
1.21.2	上海某某基金管理有限公司	某某证券	0.01 2016/6/28
1.21.2	上海某某基金管理有限公司	某某证券	0.01 2016/6/28
1.21.2	上海某某基金管理有限公司	某某证券	0.01 2016/6/28
1.21.2	上海某某基金管理有限公司	某某证券	0.01 2016/6/28
1.21.2	上海某某基金管理有限公司	某某证券	0.01 2016/6/28
1.21.2	上海某某基金管理有限公司	某某证券	0.01 2016/6/28
1.21.2	上海某某基金管理有限公司	某某证券	0.01 2016/6/28
1.21.2	上海某某基金管理有限公司	某某证券	0.01 2016/6/28
1.21.2	上海某某基金管理有限公司	某某证券	0.01 2016/6/28
1.21.2	上海某某基金管理有限公司	某某证券	0.01 2016/6/28
1.21.2	上海某某基金管理有限公司	某某证券	0.01 2016/6/28
1.21.2	上海某某基金管理有限公司	某某证券	0.01 2016/6/28
1.21.2	上海某某基金管理有限公司	某某证券	0.01 2016/6/28
1.21.2	上海某某基金管理有限公司	某某证券	0.01 2016/6/28
1.21.2	上海某某基金管理有限公司	某某证券	0.01 2016/6/28
1.21.2	上海某某基金管理有限公司	某某证券	0.01 2016/6/28
1.21.2	上海某某基金管理有限公司	某某证券	0.01 2016/6/28
1.21.2	上海某某基金管理有限公司	某某证券	0.01 2016/6/28
1.21.2	上海某某基金管理有限公司	某某证券	0.01 2016/6/28
1.21.2	上海某某基金管理有限公司	某某证券	0.01 2016/6/28
1.21.2	上海某某基金管理有限公司	某某证券	0.01 2016/6/28
1.21.2	上海某某基金管理有限公司	某某证券	0.01 2016/6/28
1.21.2	上海某某基金管理有限公司	某某证券	0.01 2016/6/28
1.21.2	上海某某基金管理有限公司	某某证券	0.01 2016/6/28
1.21.2	上海某某基金管理有限公司	某某证券	0.01 2016/6/28
1.21.2	上海某某基金管理有限公司	某某证券	0.01 2016/6/28
1.21.2	上海某某基金管理有限公司	某某证券	0.01 2016/6/28
1.21.2	上海某某基金管理有限公司	某某证券	0.01 2016/6/28
1.21.2	上海某某基金管理有限公司	某某证券	0.01 2016/6/28
1.21.2	上海某某基金管理有限公司	某某证券	0.01 2016/6/28
1.21.2	上海某某基金管理有限公司	某某证券	0.01 2016/6/28
1.21.2	上海某某基金管理有限公司	某某证券	0.01 2016/6/28
1.21.2	上海某某基金管理有限公司	某某证券	0.01 2016/6/28
1.21.2	上海某某基金管理有限公司	某某证券	0.01 2016/6/28
1.21.2	上海某某基金管理有限公司	某某证券	0.01 2016/6/28
1.21.2	上海某某基金管理有限公司	某某证券	0.01 2016/6/28
1.21.2	上海某某基金管理有限公司	某某证券	0.01 2016/6/28
1.21.2	上海某某基金管理有限公司	某某证券	0.01 2016/6/28
1.21.2	上海某某基金管理有限公司	某某证券	0.01 2016/6/28
1.21.2	上海某某基金管理有限公司	某某证券	0.01 2016/6/28
1.21.2	上海某某基金管理有限公司	某某证券	0.01 2016/6/28
1.21.2	上海某某基金管理有限公司	某某证券	0.01 2016/6/28
1.21.2	上海某某基金管理有限公司	某某证券	0.01 2016/6/28
1.21.2	上海某某基金管理有限公司	某某证券	0.01 2016/6/28
1.21.2	上海某某基金管理有限公司	某某证券	0.01 2016/6/28
1.21.2	上海某某基金管理有限公司	某某证券	0.01 2016/6/28
1.21.2	上海某某基金管理有限公司	某某证券	0.01 2016/6/28
1.21.2	上海某某基金管理有限公司	某某证券	0.01 2016/6/28
1.21.2	上海某某基金管理有限公司	某某证券	0.01 2016/6/28
1.21.2	上海某某基金管理有限公司	某某证券	0.01 2016/6/28
1.21.2	上海某某基金管理有限公司	某某证券	0.01 2016/6/28
1.21.2	上海某某基金管理有限公司	某某证券	0.01 2016/6/28
1.21.2	上海某某基金管理有限公司	某某证券	0.01 2016/6/28
1.21.2	上海某某基金管理有限公司	某某证券	0.01 2016/6/28
1.21.2	上海某某基金管理有限公司	某某证券	0.01 2016/6/28
1.21.2	上海某某基金管理有限公司	某某证券	0.01 2016/6/28
1.21.2	上海某某基金管理有限公司	某某证券	0.01 2016/6/28
1.21.2	上海某某基金管理有限公司	某某证券	0.01 2016/6/28
1.21.2	上海某某基金管理有限公司	某某证券	0.01 2016/6/28
1.21.2	上海某某基金管理有限公司	某某证券	0.01 2016/6/28
1.21.2	上海某某基金管理有限公司	某某证券	0.01 2016/6/28
1.21.2	上海某某基金管理有限公司	某某证券	0.01 2016/6/28
1.21.2	上海某某基金管理有限公司	某某证券	0.01 2016/6/28
1.21.2	上海某某基金管理有限公司	某某证券	0.01 2016/6/28
1.21.2	上海某某基金管理有限公司	某某证券	0.01 2016/6/28
1.21.2	上海某某基金管理有限公司	某某证券	0.01 2016/6/28
1.21.2	上海某某基金管理有限公司	某某证券	0.01 2016/6/28
1.21.2	上海某某基金管理有限公司	某某证券	0.01 2016/6/28
1.21.2	上海某某基金管理有限公司	某某证券	0.01 2016/6/28
1.21.2	上海某某基金管理有限公司	某某证券	0.01 2016/6/28
1.21.2	上海某某基金管理有限公司	某某证券	0.01 2016/6/28
1.21.2	上海某某基金管理有限公司	某某证券	0.01 2016/6/28
1.21.2	上海某某基金管理有限公司	某某证券	0.01 2016/6/28
1.21.2	上海某某基金管理有限公司	某某证券	0.01 2016/6/28
1.21.2	上海某某基金管理有限公司	某某证券	0.01 2016/6/28
1.21.2	上海某某基金管理有限公司	某某证券	0.01 2016/6/28
1.21.2	上海某某基金管理有限公司	某某证券	0.01 2016/6/28
1.21.2	上海某某基金管理有限公司	某某证券	0.01 2016/6/28
1.21.2	上海某某基金管理有限公司	某某证券	0.01 2016/6/28
1.21.2	上海某某基金管理有限公司	某某证券	0.01 2016/6/28
1.21.2	上海某某基金管理有限公司	某某证券	0.01 2016/6/28
1.21.2	上海某某基金管理有限公司	某某证券	0.01 2016/6/28
1.21.2	上海某某基金管理有限公司	某某证券	0.01 2016/6/28
1.21.2	上海某某基金管理有限公司	某某证券	0.01 2016/6/28
1.21.2	上海某某基金管理有限公司	某某证券	0.01 2016/6/28
1.21.2	上海某某基金管理有限公司	某某证券	0.01 2016/6/28
1.21.2	上海某某基金管理有限公司	某某证券	0.01 2016/6/28
1.21.2	上海某某基金管理有限公司	某某证券	0.01 2016/6/28
1.21.2	上海某某基金管理有限公司	某某证券	0.01 2016/6/28
1.21.2	上海某某基金管理有限公司	某某证券	0.01 2016/6/28
1.21.2	上海某某基金管理有限公司	某某证券	0.01 2016/6/28
1.21.2	上海某某基金管理有限公司	某某证券	0.01 2016/6/28
1.21.2	上海某某基金管理有限公司	某某证券	0.01 2016/6/28
1.21.2	上海某某基金管理有限公司	某某证券	0.01 2016/6/28
1.21.2	上海某某基金管理有限公司	某某证券	0.01 2016/6/28
1.21.2	上海某某基金管理有限公司	某某证券	0.01 2016/6/28
1.21.2	上海某某基金管理有限公司	某某证券	0.01 2016/6/28
1.21.2	上海某某基金管理有限公司	某某证券	0.01 2016/6/28
1.21.2	上海某某基金管理有限公司	某某证券	0.01 2016/6/28
1.21.2	上海某某基金管理有限公司	某某证券	0.01 2016/6/28
1.21.2	上海某某基金管理有限公司	某某证券	0.01 2016/6/28
1.21.2	上海某某基金管理有限公司	某某证券	0.01 2016/6/28
1.21.2	上海某某基金管理有限公司	某某证券	0.01 2016/6/28
1.21.2	上海某某基金管理有限公司	某某证券	0.01 2016/6/28
1.21.2	上海某某基金管理有限公司	某某证券	0.01 2016/6/28
1.21.2	上海某某基金管理有限公司	某某证券	0.01 2016/6/28
1.21.2	上海某某基金管理有限公司	某某证券	0.01 2016/6/28
1.21.2	上海某某基金管理有限公司	某某证券	0.01 2016/6/28
1.21.2	上海某某基金管理有限公司	某某证券	0.01 2016/6/28
1.21.2	上海某某基金管理有限公司	某某证券	0.01 2016/6/28
1.21.2	上海某某基金管理有限公司	某某证券	0.01 2016/6/28
1.21.2	上海某某基金管理有限公司	某某证券	0.01 2016/6/28
1.21.2	上海某某基金管理有限公司	某某证券	0.01 2016/6/28
1.21.2	上海某某基金管理有限公司	某某证券	0.01 2016/6/28
1.21.2	上海某某基金管理有限公司	某某证券	0.01 2016/6/28
1.21.2	上海某某基金管理有限公司	某某证券	0.01 2016/6/28
1.21.2	上海某某基金管理有限公司	某某证券	0.01 2016/6/28
1.21.2	上海某某基金管理有限公司	某某证券	0.01 2016/6/28
1.21.2	上海某某基金管理有限公司	某某证券	0.01 2016/6/28
1.21.2	上海某某基金管理有限公司	某某证券	0.01 2016/6/28
1.21.2	上海某某基金管理有限公司	某某证券	0.01 2016/6/28
(下转A20版)
